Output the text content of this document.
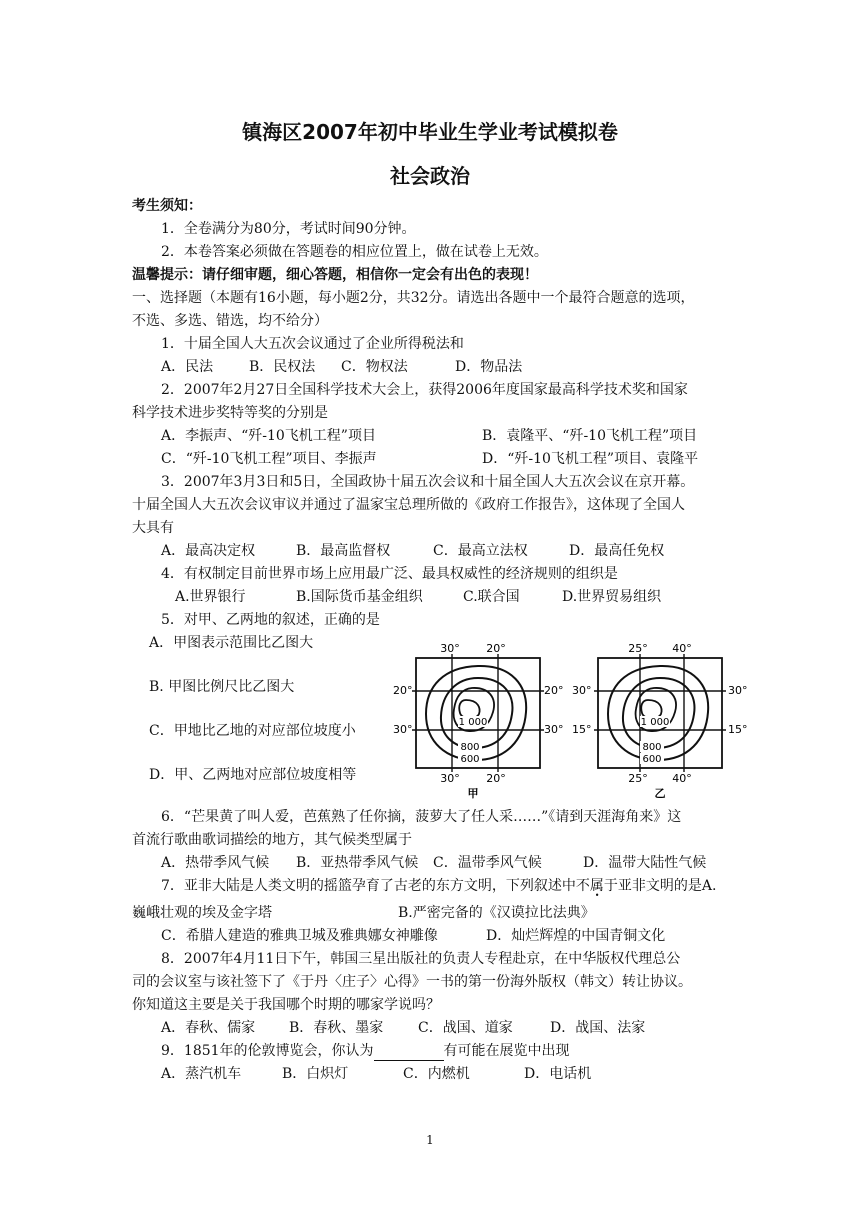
镇海区2007年初中毕业生学业考试模拟卷
社会政治
考生须知：
1．全卷满分为80分，考试时间90分钟。
2．本卷答案必须做在答题卷的相应位置上，做在试卷上无效。
温馨提示：请仔细审题，细心答题，相信你一定会有出色的表现！
一、选择题（本题有16小题，每小题2分，共32分。请选出各题中一个最符合题意的选项，
不选、多选、错选，均不给分）
1．十届全国人大五次会议通过了企业所得税法和
A．民法	B．民权法 C．物权法	D．物品法
2．2007年2月27日全国科学技术大会上，获得2006年度国家最高科学技术奖和国家
科学技术进步奖特等奖的分别是
A．李振声、“歼-10飞机工程”项目	B．袁隆平、“歼-10飞机工程”项目
C．“歼-10飞机工程”项目、李振声	D．“歼-10飞机工程”项目、袁隆平
3．2007年3月3日和5日，全国政协十届五次会议和十届全国人大五次会议在京开幕。
十届全国人大五次会议审议并通过了温家宝总理所做的《政府工作报告》，这体现了全国人
大具有
A．最高决定权	B．最高监督权	C．最高立法权	D．最高任免权
4．有权制定目前世界市场上应用最广泛、最具权威性的经济规则的组织是
A.世界银行	B.国际货币基金组织	C.联合国	D.世界贸易组织
5．对甲、乙两地的叙述，正确的是
A．甲图表示范围比乙图大
B. 甲图比例尺比乙图大
C．甲地比乙地的对应部位坡度小
D．甲、乙两地对应部位坡度相等
30° 20°
20°
30°
20°
30°
1 000
800
600
30° 20°
甲
25° 40°
30°
15°
30°
15°
1 000
800
600
25° 40°
乙
6．“芒果黄了叫人爱，芭蕉熟了任你摘，菠萝大了任人采……”《请到天涯海角来》这
首流行歌曲歌词描绘的地方，其气候类型属于
A．热带季风气候 B．亚热带季风气候 C．温带季风气候	D．温带大陆性气候
7．亚非大陆是人类文明的摇篮孕育了古老的东方文明，下列叙述中不属于亚非文明的是A.
巍峨壮观的埃及金字塔	B.严密完备的《汉谟拉比法典》
C．希腊人建造的雅典卫城及雅典娜女神雕像	D．灿烂辉煌的中国青铜文化
8．2007年4月11日下午，韩国三星出版社的负责人专程赴京，在中华版权代理总公
司的会议室与该社签下了《于丹〈庄子〉心得》一书的第一份海外版权（韩文）转让协议。
你知道这主要是关于我国哪个时期的哪家学说吗？
A．春秋、儒家 B．春秋、墨家 C．战国、道家	D．战国、法家
9．1851年的伦敦博览会，你认为	有可能在展览中出现
A．蒸汽机车	B．白炽灯	C．内燃机	D．电话机
1
